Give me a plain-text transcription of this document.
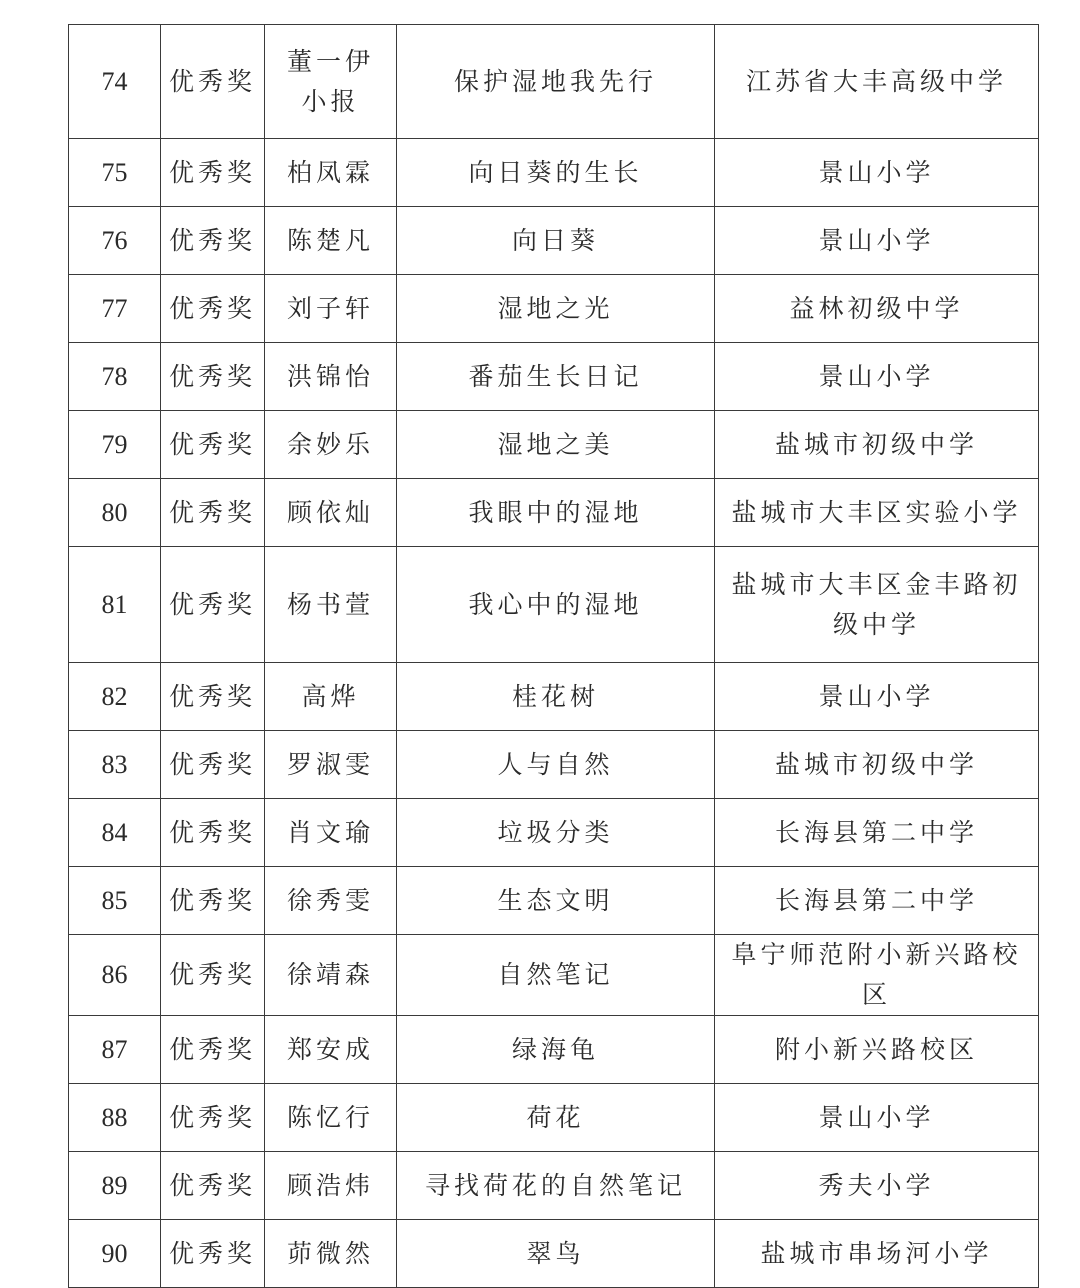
74	优秀奖	董一伊小报	保护湿地我先行	江苏省大丰高级中学
75	优秀奖	柏凤霖	向日葵的生长	景山小学
76	优秀奖	陈楚凡	向日葵	景山小学
77	优秀奖	刘子轩	湿地之光	益林初级中学
78	优秀奖	洪锦怡	番茄生长日记	景山小学
79	优秀奖	余妙乐	湿地之美	盐城市初级中学
80	优秀奖	顾依灿	我眼中的湿地	盐城市大丰区实验小学
81	优秀奖	杨书萱	我心中的湿地	盐城市大丰区金丰路初级中学
82	优秀奖	高烨	桂花树	景山小学
83	优秀奖	罗淑雯	人与自然	盐城市初级中学
84	优秀奖	肖文瑜	垃圾分类	长海县第二中学
85	优秀奖	徐秀雯	生态文明	长海县第二中学
86	优秀奖	徐靖森	自然笔记	阜宁师范附小新兴路校区
87	优秀奖	郑安成	绿海龟	附小新兴路校区
88	优秀奖	陈忆行	荷花	景山小学
89	优秀奖	顾浩炜	寻找荷花的自然笔记	秀夫小学
90	优秀奖	茆微然	翠鸟	盐城市串场河小学
